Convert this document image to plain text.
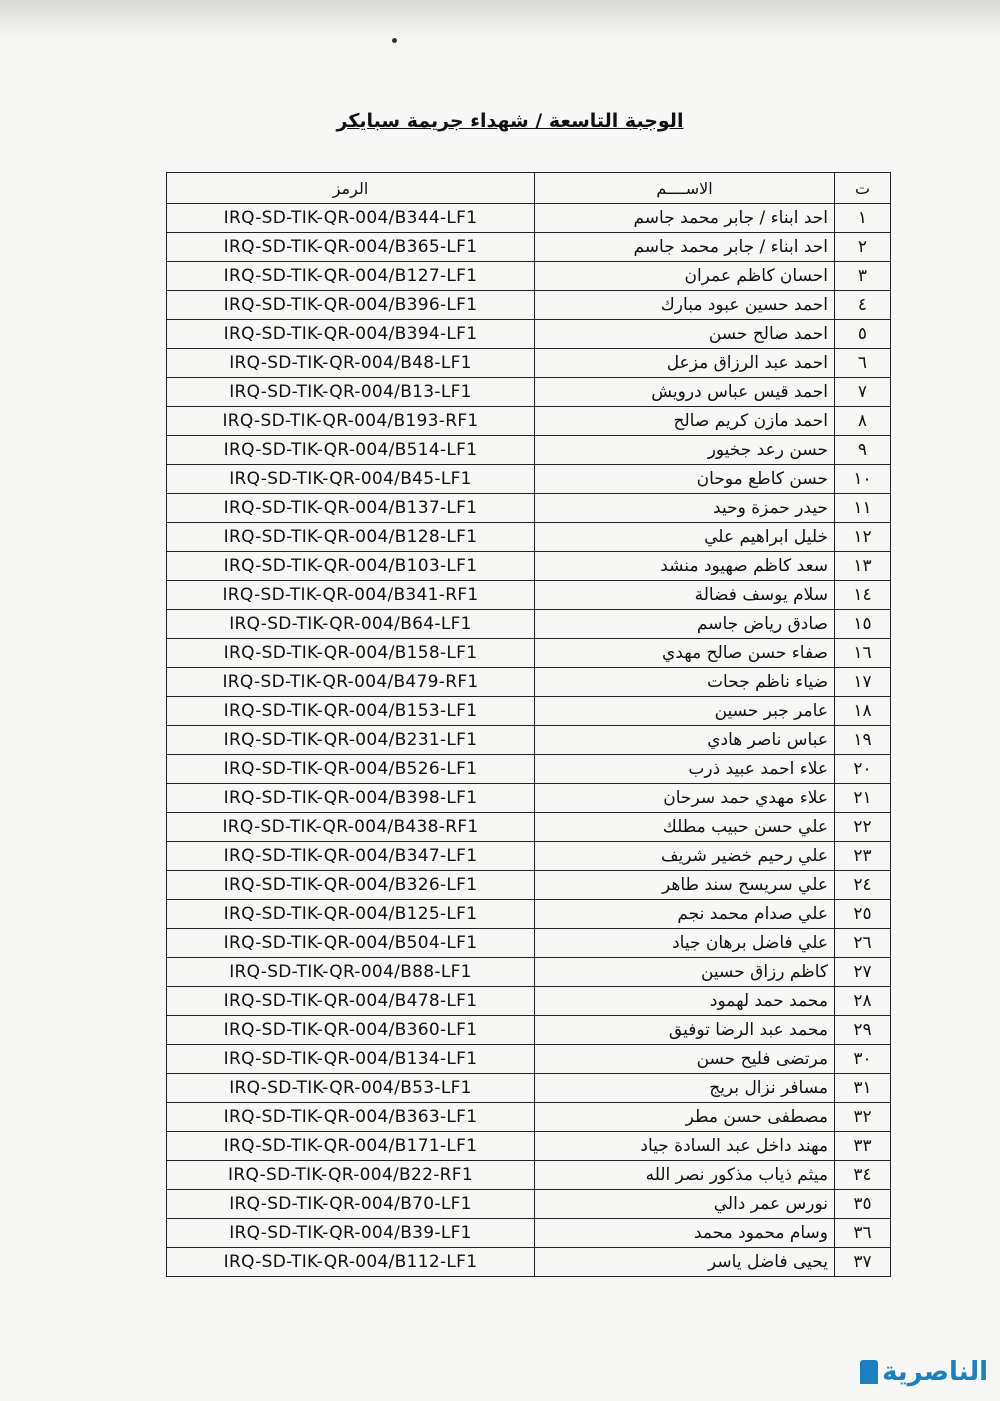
الوجبة التاسعة / شهداء جريمة سبايكر
ت	الاســــم	الرمز
١	احد ابناء / جابر محمد جاسم	IRQ-SD-TIK-QR-004/B344-LF1
٢	احد ابناء / جابر محمد جاسم	IRQ-SD-TIK-QR-004/B365-LF1
٣	احسان كاظم عمران	IRQ-SD-TIK-QR-004/B127-LF1
٤	احمد حسين عبود مبارك	IRQ-SD-TIK-QR-004/B396-LF1
٥	احمد صالح حسن	IRQ-SD-TIK-QR-004/B394-LF1
٦	احمد عبد الرزاق مزعل	IRQ-SD-TIK-QR-004/B48-LF1
٧	احمد قيس عباس درويش	IRQ-SD-TIK-QR-004/B13-LF1
٨	احمد مازن كريم صالح	IRQ-SD-TIK-QR-004/B193-RF1
٩	حسن رعد جخيور	IRQ-SD-TIK-QR-004/B514-LF1
١٠	حسن كاطع موحان	IRQ-SD-TIK-QR-004/B45-LF1
١١	حيدر حمزة وحيد	IRQ-SD-TIK-QR-004/B137-LF1
١٢	خليل ابراهيم علي	IRQ-SD-TIK-QR-004/B128-LF1
١٣	سعد كاظم صهيود منشد	IRQ-SD-TIK-QR-004/B103-LF1
١٤	سلام يوسف فضالة	IRQ-SD-TIK-QR-004/B341-RF1
١٥	صادق رياض جاسم	IRQ-SD-TIK-QR-004/B64-LF1
١٦	صفاء حسن صالح مهدي	IRQ-SD-TIK-QR-004/B158-LF1
١٧	ضياء ناظم جحات	IRQ-SD-TIK-QR-004/B479-RF1
١٨	عامر جبر حسين	IRQ-SD-TIK-QR-004/B153-LF1
١٩	عباس ناصر هادي	IRQ-SD-TIK-QR-004/B231-LF1
٢٠	علاء احمد عبيد ذرب	IRQ-SD-TIK-QR-004/B526-LF1
٢١	علاء مهدي حمد سرحان	IRQ-SD-TIK-QR-004/B398-LF1
٢٢	علي حسن حبيب مطلك	IRQ-SD-TIK-QR-004/B438-RF1
٢٣	علي رحيم خضير شريف	IRQ-SD-TIK-QR-004/B347-LF1
٢٤	علي سريسح سند طاهر	IRQ-SD-TIK-QR-004/B326-LF1
٢٥	علي صدام محمد نجم	IRQ-SD-TIK-QR-004/B125-LF1
٢٦	علي فاضل برهان جياد	IRQ-SD-TIK-QR-004/B504-LF1
٢٧	كاظم رزاق حسين	IRQ-SD-TIK-QR-004/B88-LF1
٢٨	محمد حمد لهمود	IRQ-SD-TIK-QR-004/B478-LF1
٢٩	محمد عبد الرضا توفيق	IRQ-SD-TIK-QR-004/B360-LF1
٣٠	مرتضى فليح حسن	IRQ-SD-TIK-QR-004/B134-LF1
٣١	مسافر نزال بريج	IRQ-SD-TIK-QR-004/B53-LF1
٣٢	مصطفى حسن مطر	IRQ-SD-TIK-QR-004/B363-LF1
٣٣	مهند داخل عبد السادة جياد	IRQ-SD-TIK-QR-004/B171-LF1
٣٤	ميثم ذياب مذكور نصر الله	IRQ-SD-TIK-QR-004/B22-RF1
٣٥	نورس عمر دالي	IRQ-SD-TIK-QR-004/B70-LF1
٣٦	وسام محمود محمد	IRQ-SD-TIK-QR-004/B39-LF1
٣٧	يحيى فاضل ياسر	IRQ-SD-TIK-QR-004/B112-LF1
الناصرية
